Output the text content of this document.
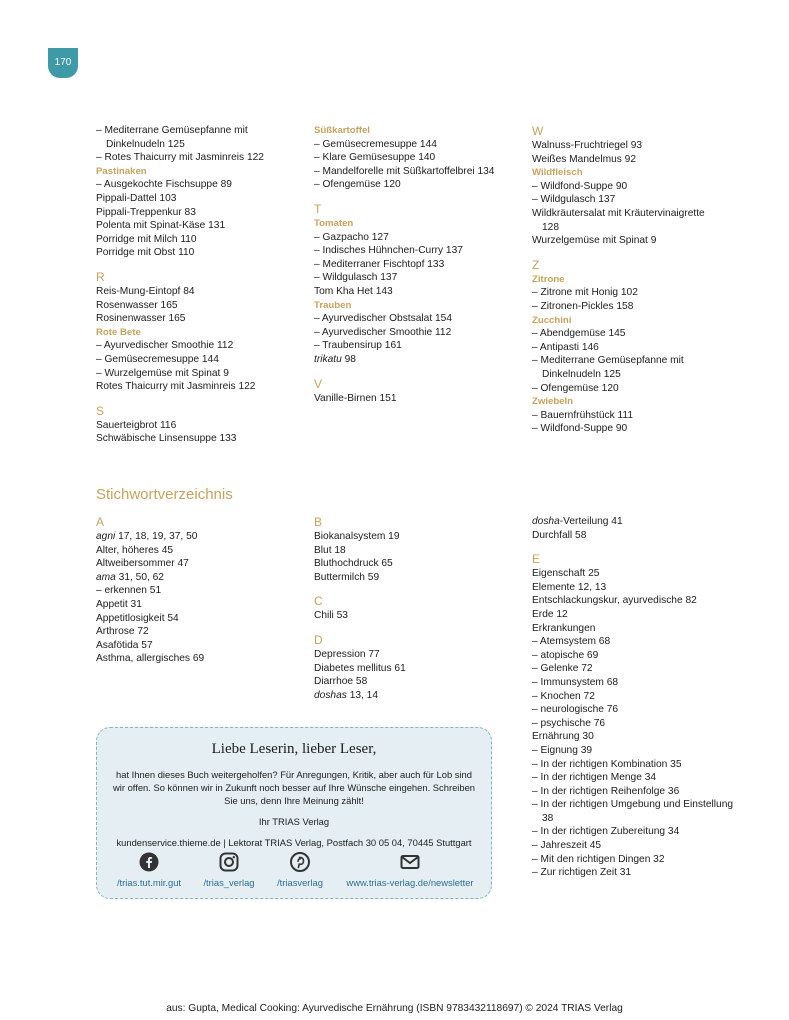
170
– Mediterrane Gemüsepfanne mit Dinkelnudeln 125
– Rotes Thaicurry mit Jasminreis 122
Pastinaken
– Ausgekochte Fischsuppe 89
Pippali-Dattel 103
Pippali-Treppenkur 83
Polenta mit Spinat-Käse 131
Porridge mit Milch 110
Porridge mit Obst 110
R
Reis-Mung-Eintopf 84
Rosenwasser 165
Rosinenwasser 165
Rote Bete
– Ayurvedischer Smoothie 112
– Gemüsecremesuppe 144
– Wurzelgemüse mit Spinat 9
Rotes Thaicurry mit Jasminreis 122
S
Sauerteigbrot 116
Schwäbische Linsensuppe 133
Süßkartoffel
– Gemüsecremesuppe 144
– Klare Gemüsesuppe 140
– Mandelforelle mit Süßkartoffelbrei 134
– Ofengemüse 120
T
Tomaten
– Gazpacho 127
– Indisches Hühnchen-Curry 137
– Mediterraner Fischtopf 133
– Wildgulasch 137
Tom Kha Het 143
Trauben
– Ayurvedischer Obstsalat 154
– Ayurvedischer Smoothie 112
– Traubensirup 161
trikatu 98
V
Vanille-Birnen 151
W
Walnuss-Fruchtriegel 93
Weißes Mandelmus 92
Wildfleisch
– Wildfond-Suppe 90
– Wildgulasch 137
Wildkräutersalat mit Kräutervinaigrette
128
Wurzelgemüse mit Spinat 9
Z
Zitrone
– Zitrone mit Honig 102
– Zitronen-Pickles 158
Zucchini
– Abendgemüse 145
– Antipasti 146
– Mediterrane Gemüsepfanne mit Dinkelnudeln 125
– Ofengemüse 120
Zwiebeln
– Bauernfrühstück 111
– Wildfond-Suppe 90
Stichwortverzeichnis
A
agni 17, 18, 19, 37, 50
Alter, höheres 45
Altweibersommer 47
ama 31, 50, 62
– erkennen 51
Appetit 31
Appetitlosigkeit 54
Arthrose 72
Asafötida 57
Asthma, allergisches 69
B
Biokanalsystem 19
Blut 18
Bluthochdruck 65
Buttermilch 59
C
Chili 53
D
Depression 77
Diabetes mellitus 61
Diarrhoe 58
doshas 13, 14
dosha-Verteilung 41
Durchfall 58
E
Eigenschaft 25
Elemente 12, 13
Entschlackungskur, ayurvedische 82
Erde 12
Erkrankungen
– Atemsystem 68
– atopische 69
– Gelenke 72
– Immunsystem 68
– Knochen 72
– neurologische 76
– psychische 76
Ernährung 30
– Eignung 39
– In der richtigen Kombination 35
– In der richtigen Menge 34
– In der richtigen Reihenfolge 36
– In der richtigen Umgebung und Einstellung 38
– In der richtigen Zubereitung 34
– Jahreszeit 45
– Mit den richtigen Dingen 32
– Zur richtigen Zeit 31
Liebe Leserin, lieber Leser,
hat Ihnen dieses Buch weitergeholfen? Für Anregungen, Kritik, aber auch für Lob sind wir offen. So können wir in Zukunft noch besser auf Ihre Wünsche eingehen. Schreiben Sie uns, denn Ihre Meinung zählt!
Ihr TRIAS Verlag
kundenservice.thieme.de | Lektorat TRIAS Verlag, Postfach 30 05 04, 70445 Stuttgart
/trias.tut.mir.gut	/trias_verlag	/triasverlag	www.trias-verlag.de/newsletter
aus: Gupta, Medical Cooking: Ayurvedische Ernährung (ISBN 9783432118697) © 2024 TRIAS Verlag
